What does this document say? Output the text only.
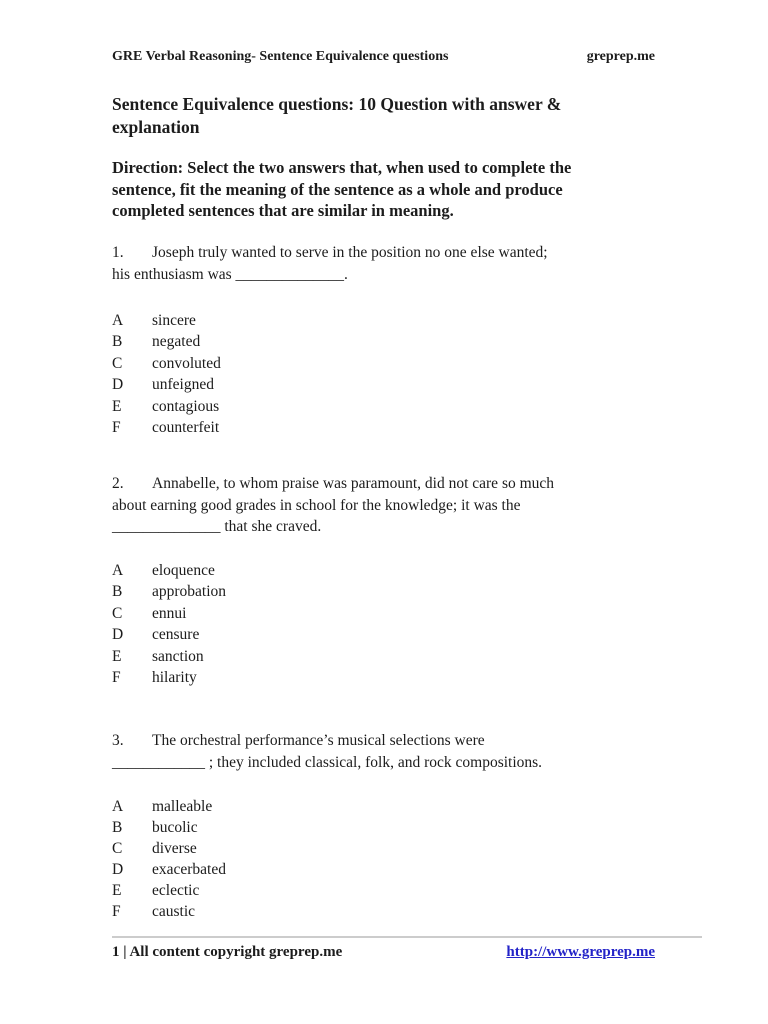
GRE Verbal Reasoning- Sentence Equivalence questions	greprep.me
Sentence Equivalence questions: 10 Question with answer &
explanation
Direction: Select the two answers that, when used to complete the
sentence, fit the meaning of the sentence as a whole and produce
completed sentences that are similar in meaning.
1. Joseph truly wanted to serve in the position no one else wanted;
his enthusiasm was ______________.
A sincere
B negated
C convoluted
D unfeigned
E contagious
F counterfeit
2. Annabelle, to whom praise was paramount, did not care so much
about earning good grades in school for the knowledge; it was the
______________ that she craved.
A eloquence
B approbation
C ennui
D censure
E sanction
F hilarity
3. The orchestral performance’s musical selections were
____________ ; they included classical, folk, and rock compositions.
A malleable
B bucolic
C diverse
D exacerbated
E eclectic
F caustic
1 | All content copyright greprep.me	http://www.greprep.me
